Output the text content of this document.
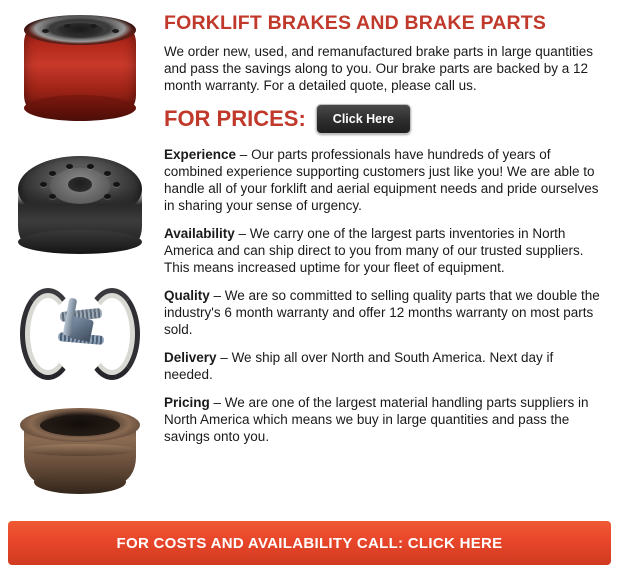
FORKLIFT BRAKES AND BRAKE PARTS

We order new, used, and remanufactured brake parts in large quantities and pass the savings along to you. Our brake parts are backed by a 12 month warranty. For a detailed quote, please call us.

FOR PRICES:	Click Here

Experience – Our parts professionals have hundreds of years of combined experience supporting customers just like you! We are able to handle all of your forklift and aerial equipment needs and pride ourselves in sharing your sense of urgency.

Availability – We carry one of the largest parts inventories in North America and can ship direct to you from many of our trusted suppliers. This means increased uptime for your fleet of equipment.

Quality – We are so committed to selling quality parts that we double the industry's 6 month warranty and offer 12 months warranty on most parts sold.

Delivery – We ship all over North and South America. Next day if needed.

Pricing – We are one of the largest material handling parts suppliers in North America which means we buy in large quantities and pass the savings onto you.

FOR COSTS AND AVAILABILITY CALL: CLICK HERE
